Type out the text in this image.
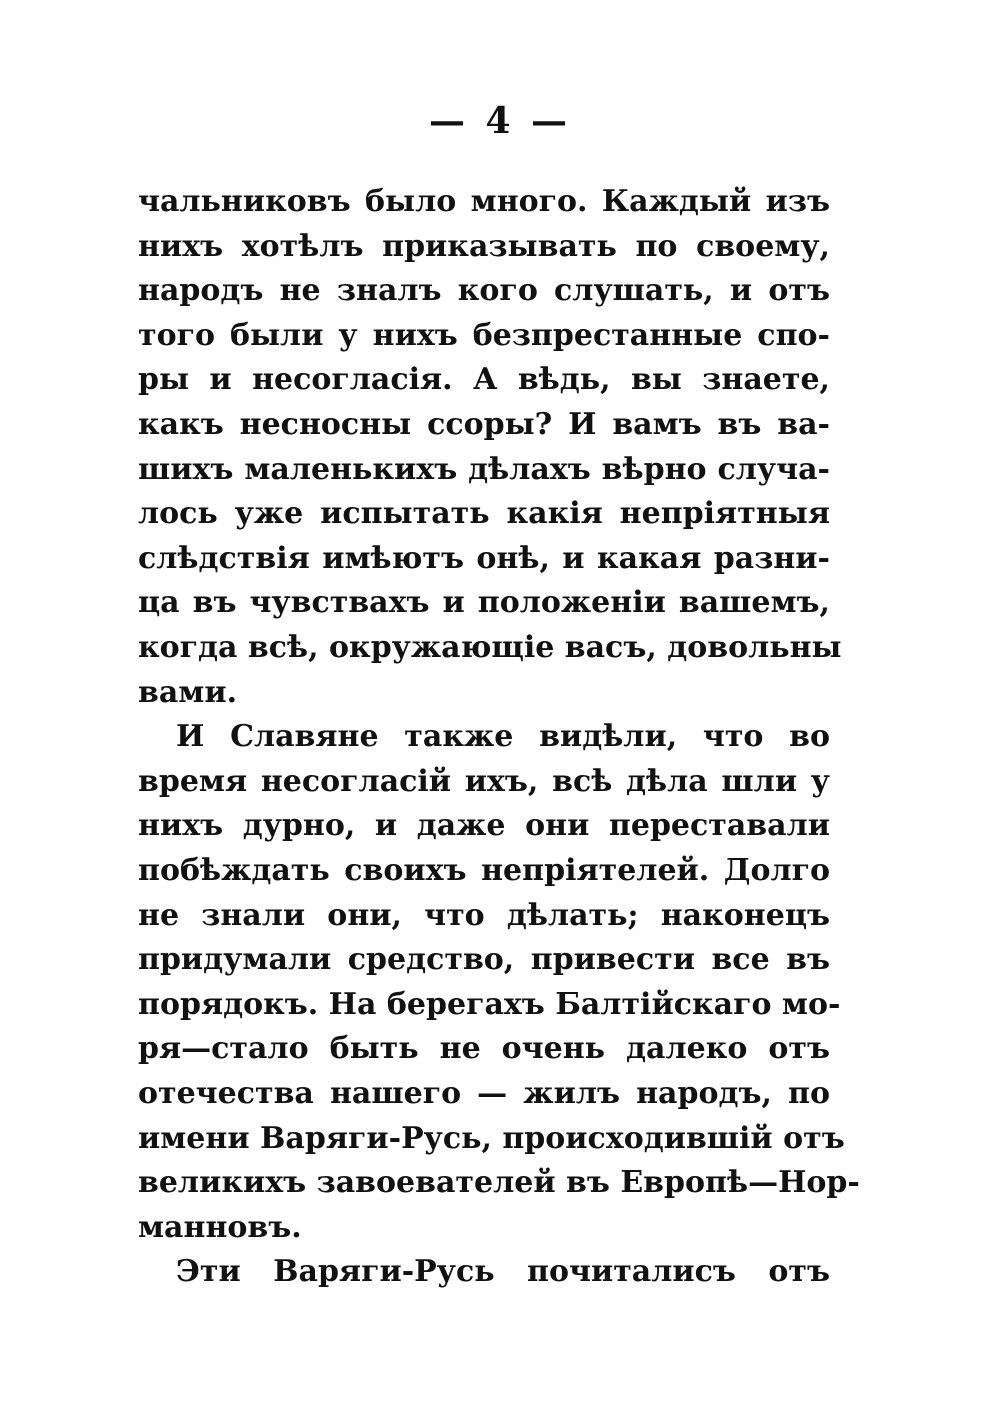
— 4 —
чальниковъ было много. Каждый изъ
нихъ хотѣлъ приказывать по своему,
народъ не зналъ кого слушать, и отъ
того были у нихъ безпрестанные спо-
ры и несогласія. А вѣдь, вы знаете,
какъ несносны ссоры? И вамъ въ ва-
шихъ маленькихъ дѣлахъ вѣрно случа-
лось уже испытать какія непріятныя
слѣдствія имѣютъ онѣ, и какая разни-
ца въ чувствахъ и положеніи вашемъ,
когда всѣ, окружающіе васъ, довольны
вами.
И Славяне также видѣли, что во
время несогласій ихъ, всѣ дѣла шли у
нихъ дурно, и даже они переставали
побѣждать своихъ непріятелей. Долго
не знали они, что дѣлать; наконецъ
придумали средство, привести все въ
порядокъ. На берегахъ Балтійскаго мо-
ря—стало быть не очень далеко отъ
отечества нашего — жилъ народъ, по
имени Варяги-Русь, происходившій отъ
великихъ завоевателей въ Европѣ—Нор-
манновъ.
Эти Варяги-Русь почиталисъ отъ
